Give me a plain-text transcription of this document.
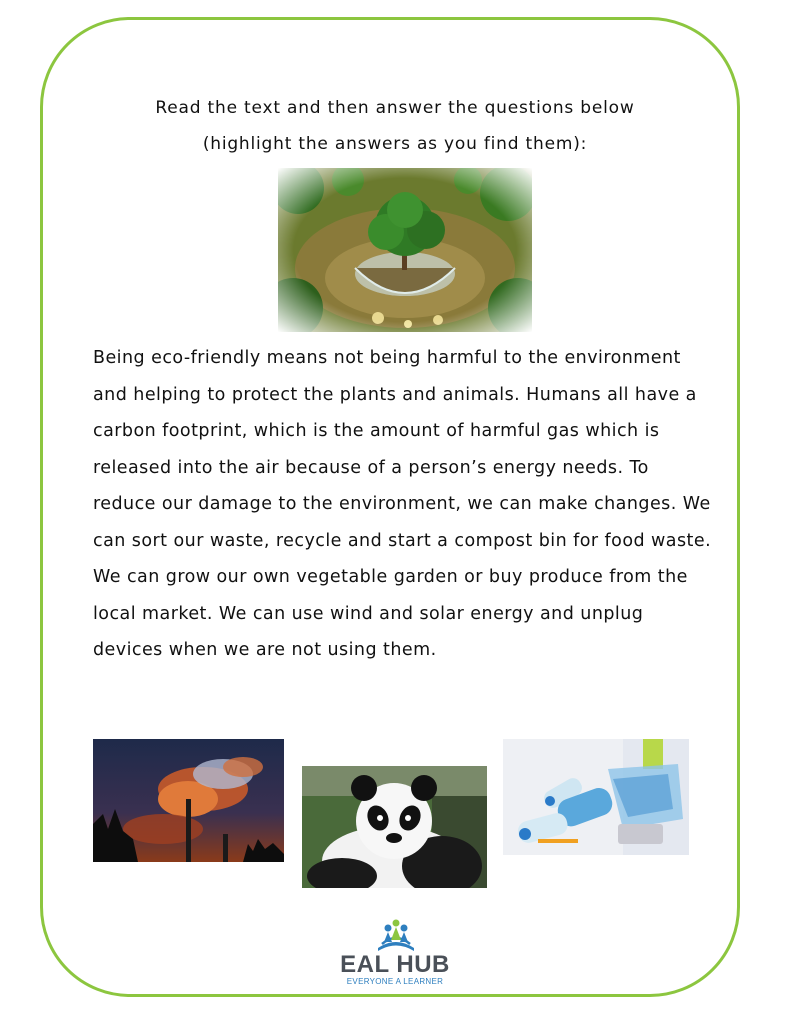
Read the text and then answer the questions below

(highlight the answers as you find them):

Being eco-friendly means not being harmful to the environment and helping to protect the plants and animals. Humans all have a carbon footprint, which is the amount of harmful gas which is released into the air because of a person’s energy needs. To reduce our damage to the environment, we can make changes. We can sort our waste, recycle and start a compost bin for food waste. We can grow our own vegetable garden or buy produce from the local market. We can use wind and solar energy and unplug devices when we are not using them.

EAL HUB
EVERYONE A LEARNER
